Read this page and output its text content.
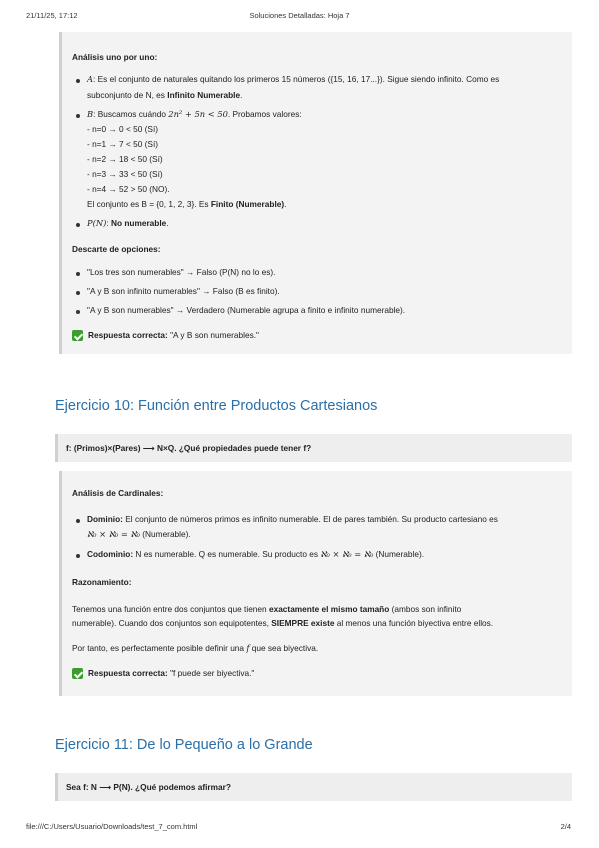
21/11/25, 17:12	Soluciones Detalladas: Hoja 7
Análisis uno por uno:
A: Es el conjunto de naturales quitando los primeros 15 números ({15, 16, 17...}). Sigue siendo infinito. Como es
subconjunto de N, es Infinito Numerable.
B: Buscamos cuándo 2n² + 5n < 50. Probamos valores:
- n=0 → 0 < 50 (Sí)
- n=1 → 7 < 50 (Sí)
- n=2 → 18 < 50 (Sí)
- n=3 → 33 < 50 (Sí)
- n=4 → 52 > 50 (NO).
El conjunto es B = {0, 1, 2, 3}. Es Finito (Numerable).
P(N): No numerable.
Descarte de opciones:
"Los tres son numerables" → Falso (P(N) no lo es).
"A y B son infinito numerables" → Falso (B es finito).
"A y B son numerables" → Verdadero (Numerable agrupa a finito e infinito numerable).
Respuesta correcta: "A y B son numerables."
Ejercicio 10: Función entre Productos Cartesianos
f: (Primos)×(Pares) ⟶ N×Q. ¿Qué propiedades puede tener f?
Análisis de Cardinales:
Dominio: El conjunto de números primos es infinito numerable. El de pares también. Su producto cartesiano es
ℵ₀ × ℵ₀ = ℵ₀ (Numerable).
Codominio: N es numerable. Q es numerable. Su producto es ℵ₀ × ℵ₀ = ℵ₀ (Numerable).
Razonamiento:
Tenemos una función entre dos conjuntos que tienen exactamente el mismo tamaño (ambos son infinito
numerable). Cuando dos conjuntos son equipotentes, SIEMPRE existe al menos una función biyectiva entre ellos.
Por tanto, es perfectamente posible definir una f que sea biyectiva.
Respuesta correcta: "f puede ser biyectiva."
Ejercicio 11: De lo Pequeño a lo Grande
Sea f: N ⟶ P(N). ¿Qué podemos afirmar?
file:///C:/Users/Usuario/Downloads/test_7_com.html	2/4
